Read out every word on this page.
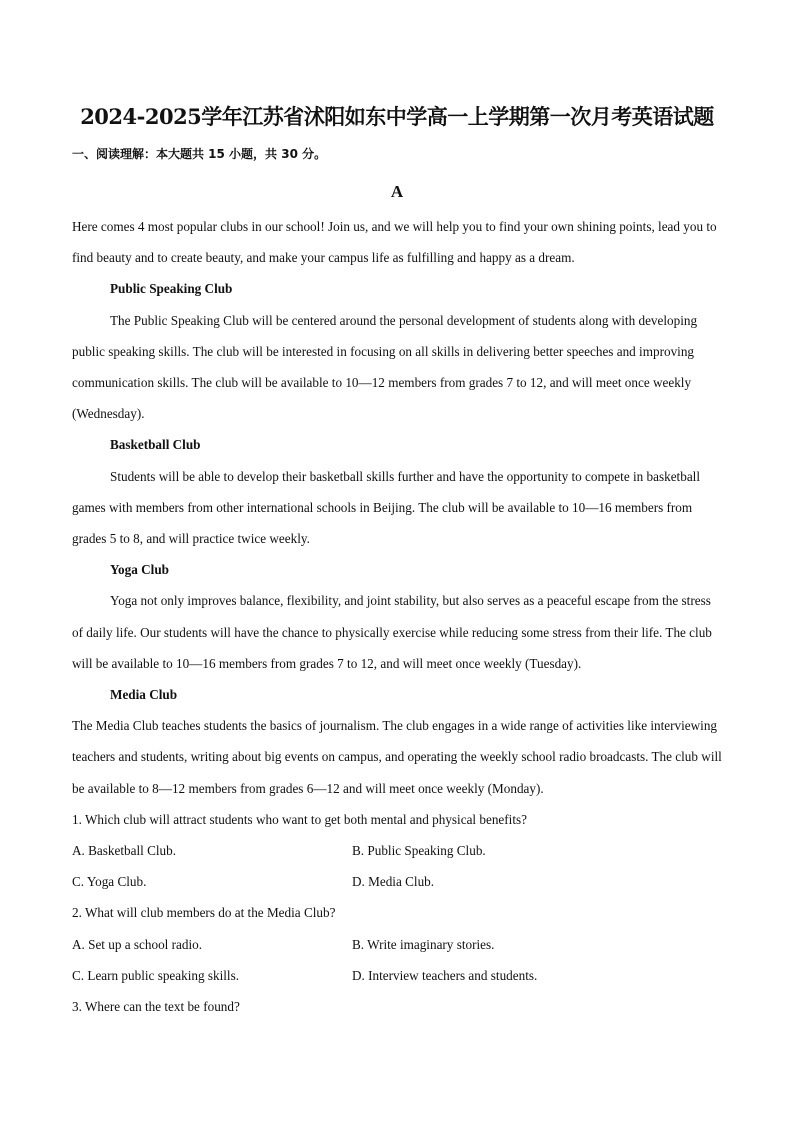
2024-2025学年江苏省沭阳如东中学高一上学期第一次月考英语试题
一、阅读理解：本大题共 15 小题，共 30 分。
A

Here comes 4 most popular clubs in our school! Join us, and we will help you to find your own shining points, lead you to find beauty and to create beauty, and make your campus life as fulfilling and happy as a dream.

Public Speaking Club

The Public Speaking Club will be centered around the personal development of students along with developing public speaking skills. The club will be interested in focusing on all skills in delivering better speeches and improving communication skills. The club will be available to 10—12 members from grades 7 to 12, and will meet once weekly (Wednesday).

Basketball Club

Students will be able to develop their basketball skills further and have the opportunity to compete in basketball games with members from other international schools in Beijing. The club will be available to 10—16 members from grades 5 to 8, and will practice twice weekly.

Yoga Club

Yoga not only improves balance, flexibility, and joint stability, but also serves as a peaceful escape from the stress of daily life. Our students will have the chance to physically exercise while reducing some stress from their life. The club will be available to 10—16 members from grades 7 to 12, and will meet once weekly (Tuesday).

Media Club

The Media Club teaches students the basics of journalism. The club engages in a wide range of activities like interviewing teachers and students, writing about big events on campus, and operating the weekly school radio broadcasts. The club will be available to 8—12 members from grades 6—12 and will meet once weekly (Monday).

1. Which club will attract students who want to get both mental and physical benefits?

A. Basketball Club.	B. Public Speaking Club.
C. Yoga Club.	D. Media Club.

2. What will club members do at the Media Club?

A. Set up a school radio.	B. Write imaginary stories.
C. Learn public speaking skills.	D. Interview teachers and students.

3. Where can the text be found?
